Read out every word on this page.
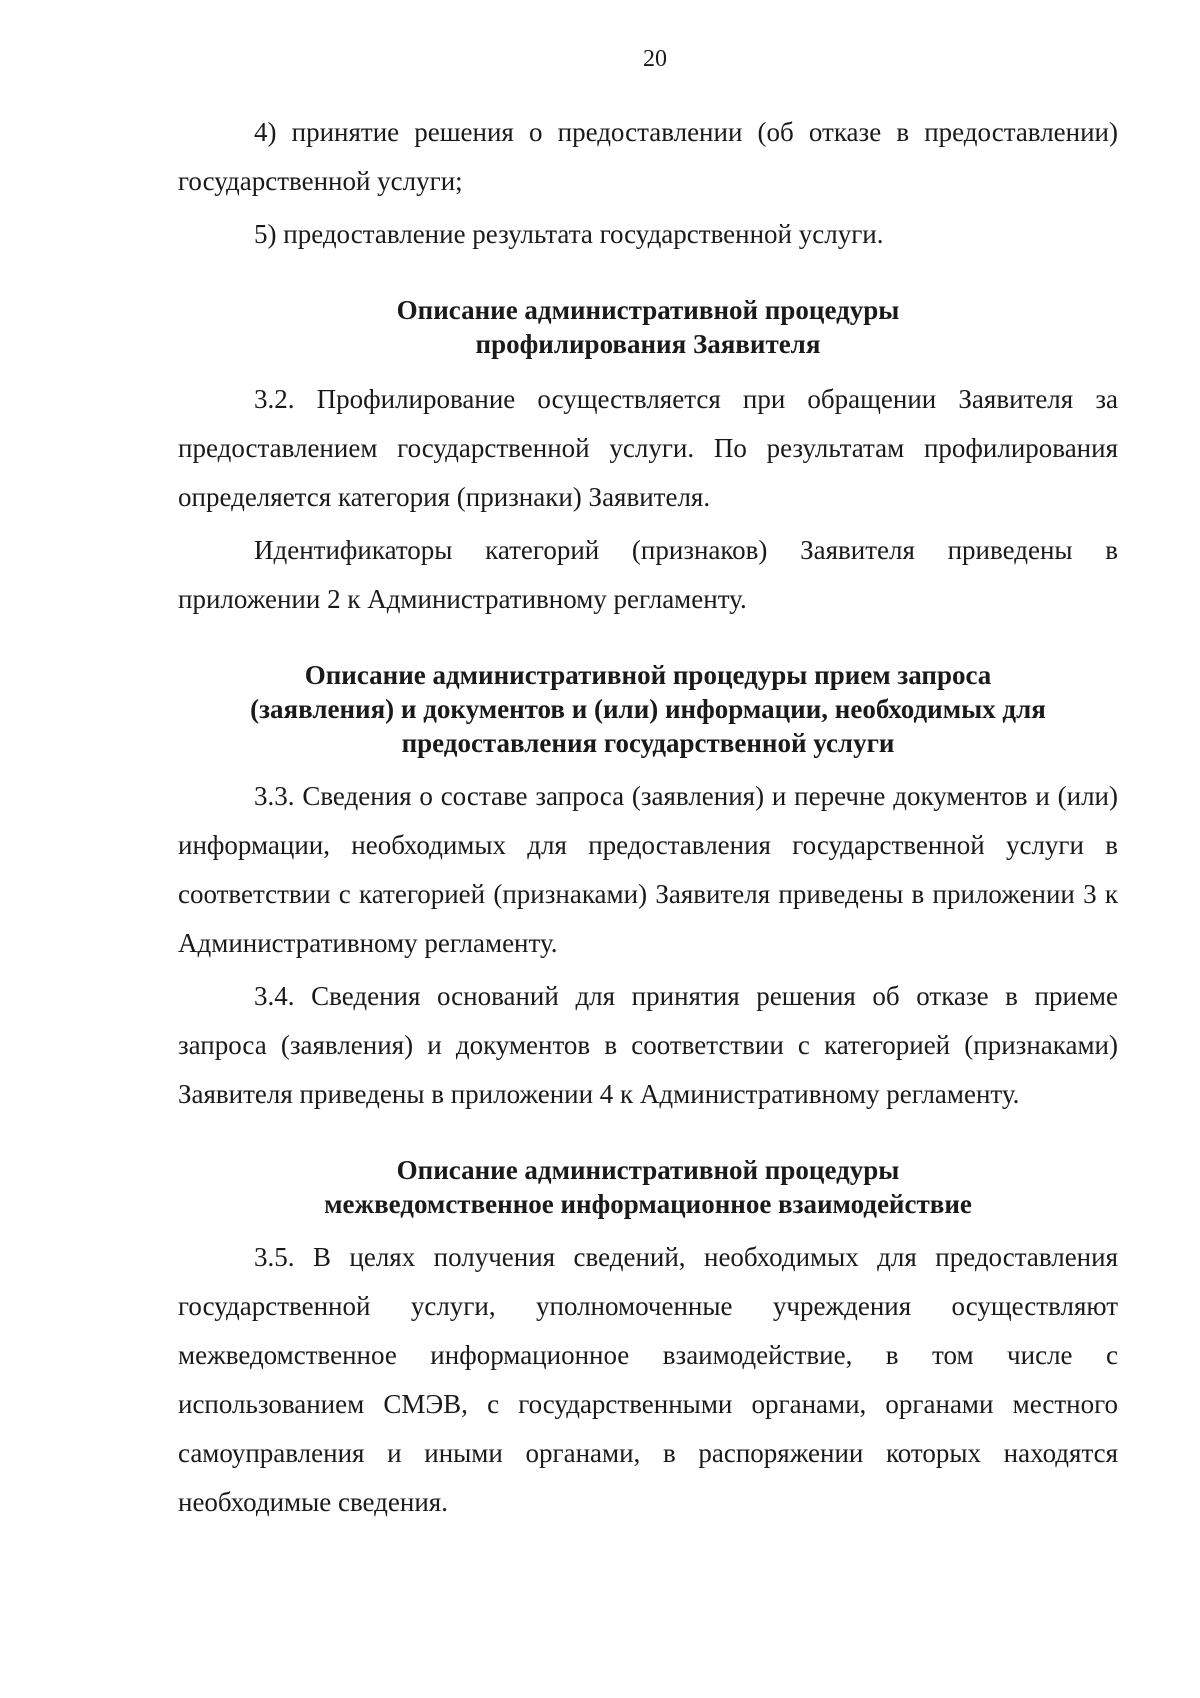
20

4) принятие решения о предоставлении (об отказе в предоставлении) государственной услуги;

5) предоставление результата государственной услуги.

Описание административной процедуры
профилирования Заявителя

3.2. Профилирование осуществляется при обращении Заявителя за предоставлением государственной услуги. По результатам профилирования определяется категория (признаки) Заявителя.

Идентификаторы категорий (признаков) Заявителя приведены в приложении 2 к Административному регламенту.

Описание административной процедуры прием запроса
(заявления) и документов и (или) информации, необходимых для
предоставления государственной услуги

3.3. Сведения о составе запроса (заявления) и перечне документов и (или) информации, необходимых для предоставления государственной услуги в соответствии с категорией (признаками) Заявителя приведены в приложении 3 к Административному регламенту.

3.4. Сведения оснований для принятия решения об отказе в приеме запроса (заявления) и документов в соответствии с категорией (признаками) Заявителя приведены в приложении 4 к Административному регламенту.

Описание административной процедуры
межведомственное информационное взаимодействие

3.5. В целях получения сведений, необходимых для предоставления государственной услуги, уполномоченные учреждения осуществляют межведомственное информационное взаимодействие, в том числе с использованием СМЭВ, с государственными органами, органами местного самоуправления и иными органами, в распоряжении которых находятся необходимые сведения.
